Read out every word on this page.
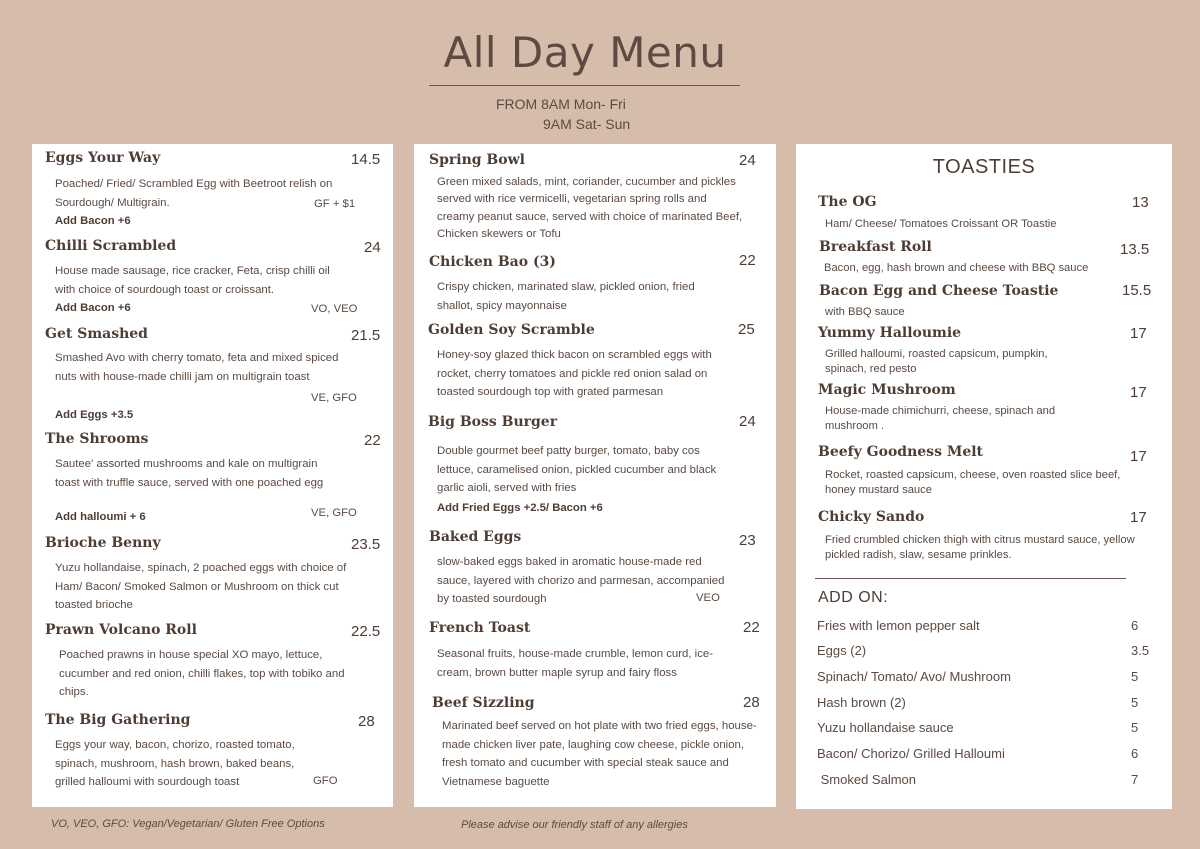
All Day Menu
FROM 8AM Mon- Fri
9AM Sat- Sun
Eggs Your Way	14.5
Poached/ Fried/ Scrambled Egg with Beetroot relish on Sourdough/ Multigrain.	GF + $1
Add Bacon +6
Chilli Scrambled	24
House made sausage, rice cracker, Feta, crisp chilli oil with choice of sourdough toast or croissant.
Add Bacon +6	VO, VEO
Get Smashed	21.5
Smashed Avo with cherry tomato, feta and mixed spiced nuts with house-made chilli jam on multigrain toast
VE, GFO
Add Eggs +3.5
The Shrooms	22
Sautee' assorted mushrooms and kale on multigrain toast with truffle sauce, served with one poached egg
VE, GFO
Add halloumi + 6
Brioche Benny	23.5
Yuzu hollandaise, spinach, 2 poached eggs with choice of Ham/ Bacon/ Smoked Salmon or Mushroom on thick cut toasted brioche
Prawn Volcano Roll	22.5
Poached prawns in house special XO mayo, lettuce, cucumber and red onion, chilli flakes, top with tobiko and chips.
The Big Gathering	28
Eggs your way, bacon, chorizo, roasted tomato, spinach, mushroom, hash brown, baked beans, grilled halloumi with sourdough toast	GFO
Spring Bowl	24
Green mixed salads, mint, coriander, cucumber and pickles served with rice vermicelli, vegetarian spring rolls and creamy peanut sauce, served with choice of marinated Beef, Chicken skewers or Tofu
Chicken Bao (3)	22
Crispy chicken, marinated slaw, pickled onion, fried shallot, spicy mayonnaise
Golden Soy Scramble	25
Honey-soy glazed thick bacon on scrambled eggs with rocket, cherry tomatoes and pickle red onion salad on toasted sourdough top with grated parmesan
Big Boss Burger	24
Double gourmet beef patty burger, tomato, baby cos lettuce, caramelised onion, pickled cucumber and black garlic aioli, served with fries
Add Fried Eggs +2.5/ Bacon +6
Baked Eggs	23
slow-baked eggs baked in aromatic house-made red sauce, layered with chorizo and parmesan, accompanied by toasted sourdough	VEO
French Toast	22
Seasonal fruits, house-made crumble, lemon curd, ice-cream, brown butter maple syrup and fairy floss
Beef Sizzling	28
Marinated beef served on hot plate with two fried eggs, house-made chicken liver pate, laughing cow cheese, pickle onion, fresh tomato and cucumber with special steak sauce and Vietnamese baguette
TOASTIES
The OG	13
Ham/ Cheese/ Tomatoes Croissant OR Toastie
Breakfast Roll	13.5
Bacon, egg, hash brown and cheese with BBQ sauce
Bacon Egg and Cheese Toastie	15.5
with BBQ sauce
Yummy Halloumie	17
Grilled halloumi, roasted capsicum, pumpkin, spinach, red pesto
Magic Mushroom	17
House-made chimichurri, cheese, spinach and mushroom .
Beefy Goodness Melt	17
Rocket, roasted capsicum, cheese, oven roasted slice beef, honey mustard sauce
Chicky Sando	17
Fried crumbled chicken thigh with citrus mustard sauce, yellow pickled radish, slaw, sesame prinkles.
ADD ON:
Fries with lemon pepper salt	6
Eggs (2)	3.5
Spinach/ Tomato/ Avo/ Mushroom	5
Hash brown (2)	5
Yuzu hollandaise sauce	5
Bacon/ Chorizo/ Grilled Halloumi	6
Smoked Salmon	7
VO, VEO, GFO: Vegan/Vegetarian/ Gluten Free Options	Please advise our friendly staff of any allergies
